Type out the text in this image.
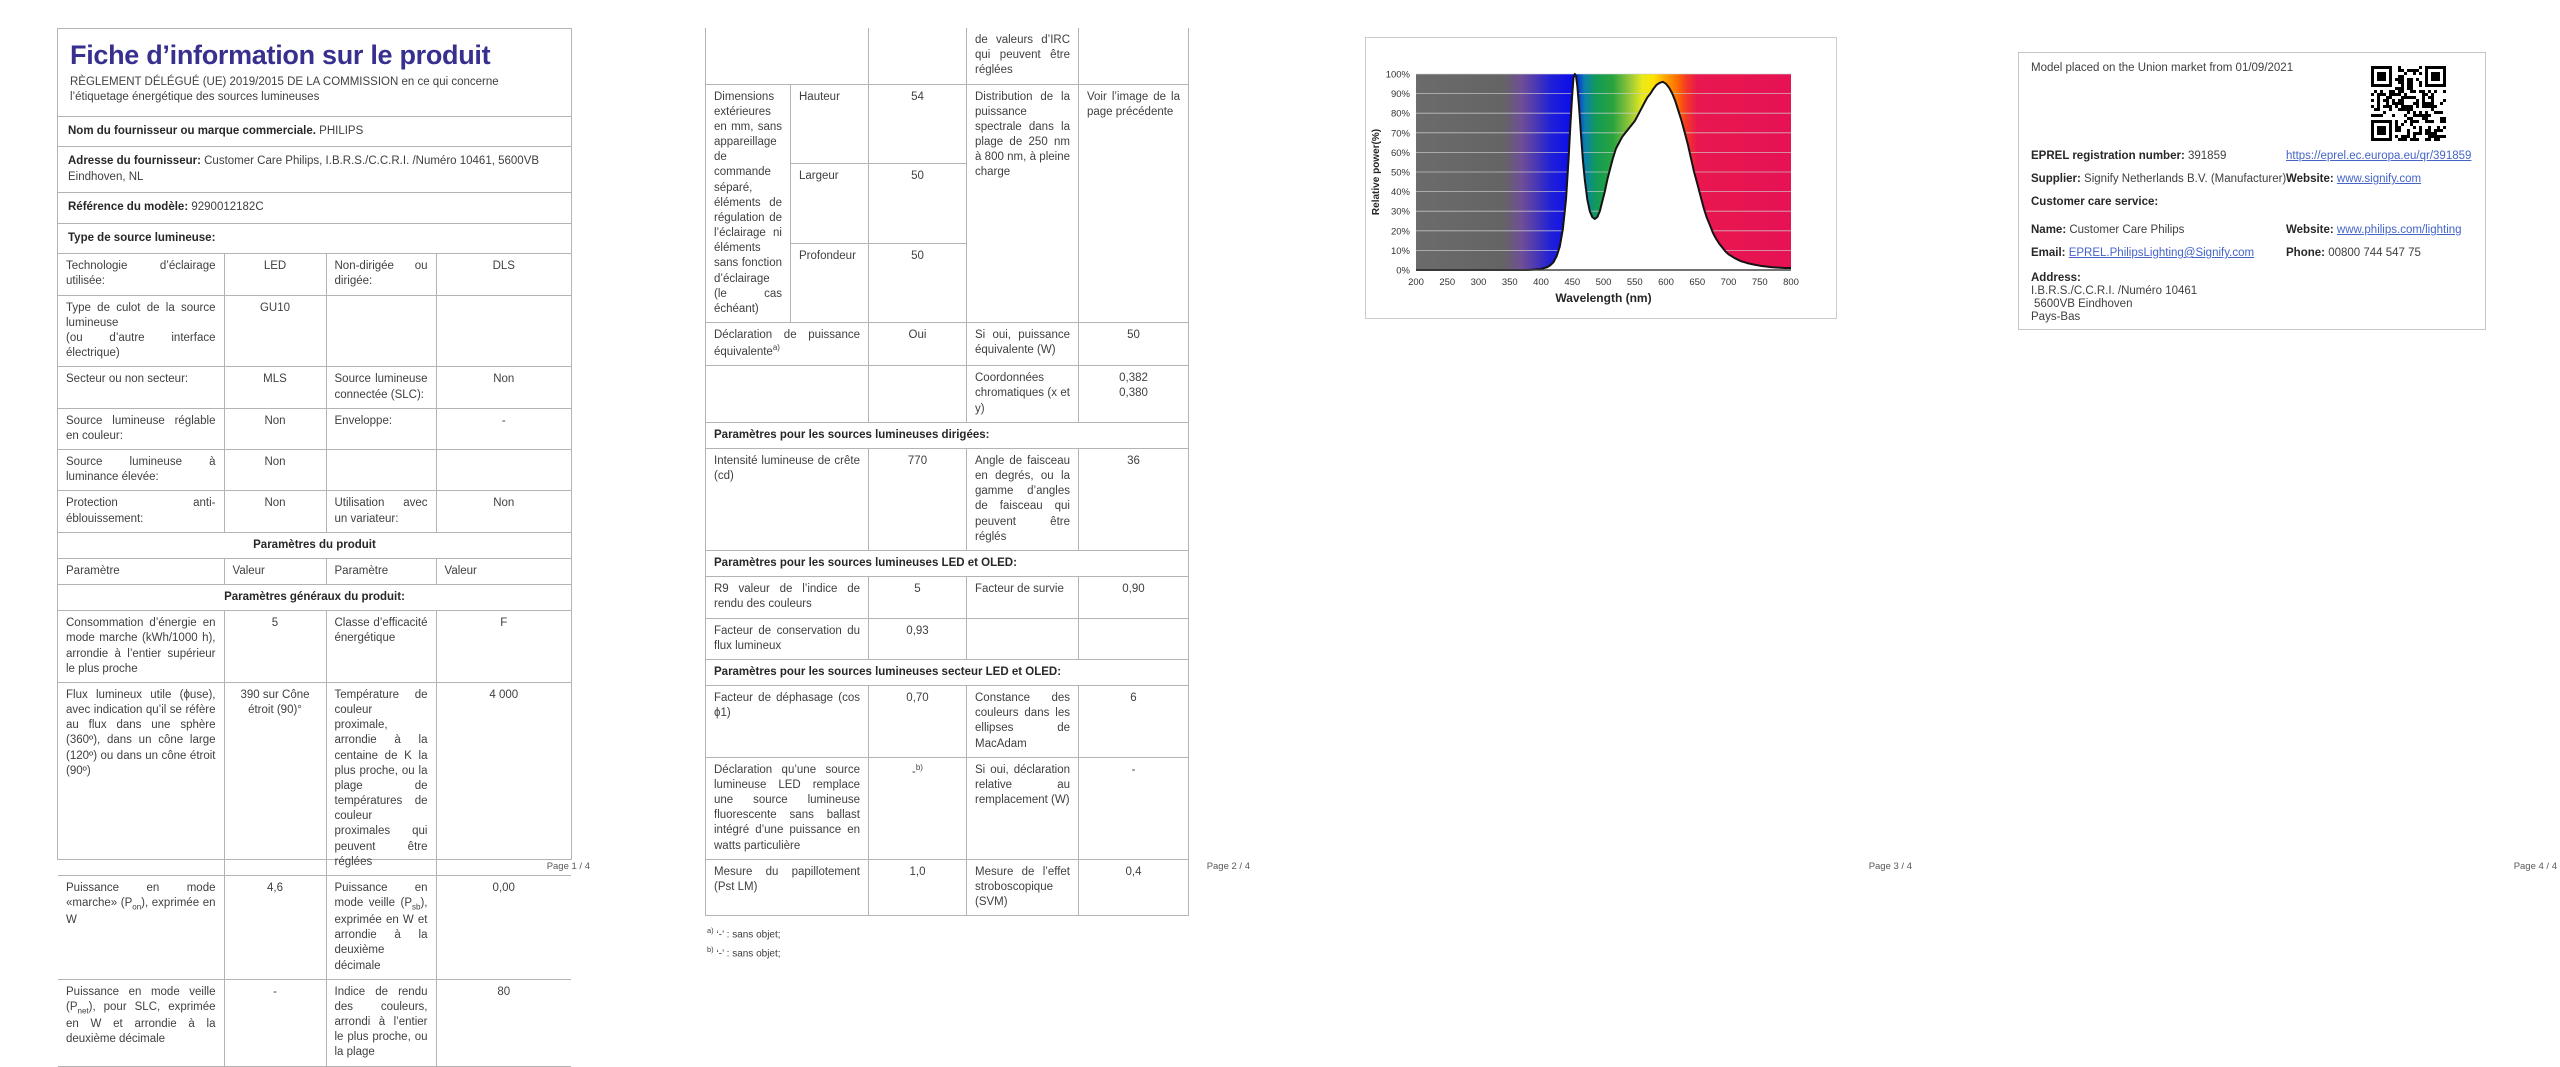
Fiche d’information sur le produit

RÈGLEMENT DÉLÉGUÉ (UE) 2019/2015 DE LA COMMISSION en ce qui concerne l’étiquetage énergétique des sources lumineuses

Nom du fournisseur ou marque commerciale. PHILIPS
Adresse du fournisseur: Customer Care Philips, I.B.R.S./C.C.R.I. /Numéro 10461, 5600VB Eindhoven, NL
Référence du modèle: 9290012182C
Type de source lumineuse:
Technologie d’éclairage utilisée:	LED	Non-dirigée ou dirigée:	DLS
Type de culot de la source lumineuse
(ou d’autre interface électrique)	GU10		
Secteur ou non secteur:	MLS	Source lumineuse connectée (SLC):	Non
Source lumineuse réglable en couleur:	Non	Enveloppe:	-
Source lumineuse à luminance élevée:	Non		
Protection anti-éblouissement:	Non	Utilisation avec un variateur:	Non
Paramètres du produit			
Paramètre	Valeur	Paramètre	Valeur
Paramètres généraux du produit:			
Consommation d’énergie en mode marche (kWh/1000 h), arrondie à l’entier supérieur le plus proche	5	Classe d’efficacité énergétique	F
Flux lumineux utile (ϕuse), avec indication qu’il se réfère au flux dans une sphère (360º), dans un cône large (120º) ou dans un cône étroit (90º)	390 sur Cône étroit (90)°	Température de couleur proximale, arrondie à la centaine de K la plus proche, ou la plage de températures de couleur proximales qui peuvent être réglées	4 000
Puissance en mode «marche» $(P_{on})$, exprimée en W	4,6	Puissance en mode veille $(P_{sb})$, exprimée en W et arrondie à la deuxième décimale	0,00
Puissance en mode veille $(P_{net})$, pour SLC, exprimée en W et arrondie à la deuxième décimale	-	Indice de rendu des couleurs, arrondi à l’entier le plus proche, ou la plage	80
Page 1 / 4
			de valeurs d’IRC qui peuvent être réglées	
Dimensions extérieures en mm, sans appareillage de commande séparé, éléments de régulation de l’éclairage ni éléments sans fonction d’éclairage (le cas échéant)	Hauteur	54	Distribution de la puissance spectrale dans la plage de 250 nm à 800 nm, à pleine charge	Voir l’image de la page précédente
	Largeur	50		
	Profondeur	50		
Déclaration de puissance équivalente$^{a)}$		Oui	Si oui, puissance équivalente (W)	50
			Coordonnées chromatiques (x et y)	0,382
0,380
Paramètres pour les sources lumineuses dirigées:				
Intensité lumineuse de crête (cd)		770	Angle de faisceau en degrés, ou la gamme d’angles de faisceau qui peuvent être réglés	36
Paramètres pour les sources lumineuses LED et OLED:				
R9 valeur de l’indice de rendu des couleurs		5	Facteur de survie	0,90
Facteur de conservation du flux lumineux		0,93		
Paramètres pour les sources lumineuses secteur LED et OLED:				
Facteur de déphasage (cos ϕ1)		0,70	Constance des couleurs dans les ellipses de MacAdam	6
Déclaration qu’une source lumineuse LED remplace une source lumineuse fluorescente sans ballast intégré d’une puissance en watts particulière		-$^{b)}$	Si oui, déclaration relative au remplacement (W)	-
Mesure du papillotement (Pst LM)		1,0	Mesure de l’effet stroboscopique (SVM)	0,4
$^{a)}$ ‘-’ : sans objet;
$^{b)}$ ‘-’ : sans objet;
Page 2 / 4
0%
10%
20%
30%
40%
50%
60%
70%
80%
90%
100%
200 250 300 350 400 450 500 550 600 650 700 750 800
Wavelength (nm)
Relative power(%)
Page 3 / 4
Model placed on the Union market from 01/09/2021
EPREL registration number: 391859	https://eprel.ec.europa.eu/qr/391859
Supplier: Signify Netherlands B.V. (Manufacturer) Website: www.signify.com
Customer care service:
Name: Customer Care Philips	Website: www.philips.com/lighting
Email: EPREL.PhilipsLighting@Signify.com	Phone: 00800 744 547 75
Address:
I.B.R.S./C.C.R.I. /Numéro 10461
5600VB Eindhoven
Pays-Bas
Page 4 / 4
